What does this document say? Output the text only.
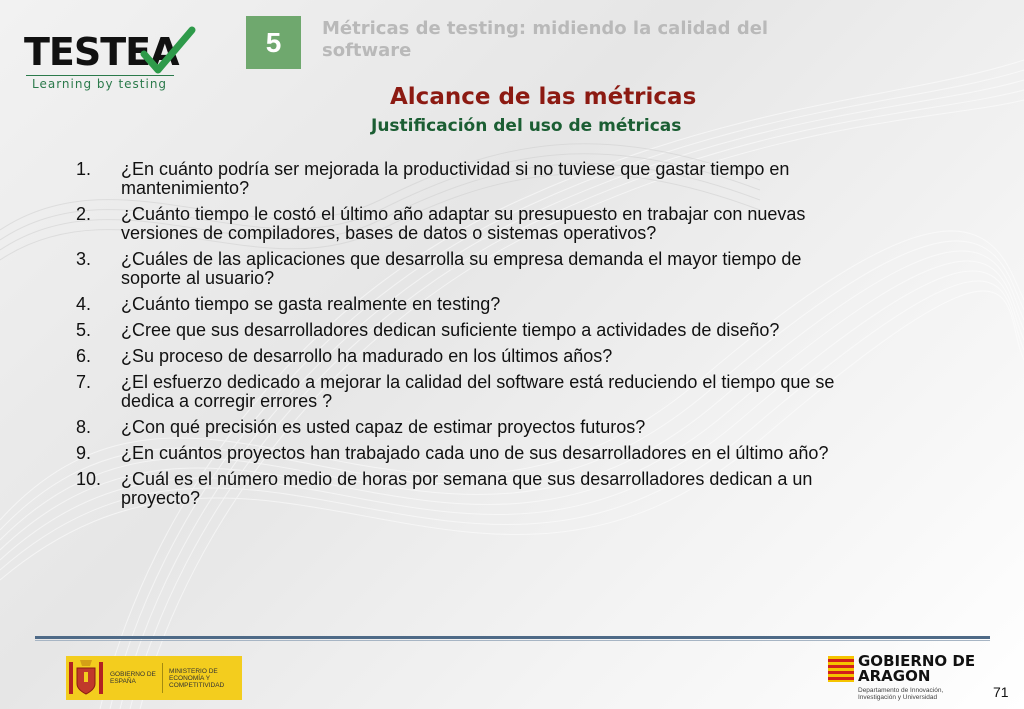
TESTEA
Learning by testing
5	Métricas de testing: midiendo la calidad del software
Alcance de las métricas
Justificación del uso de métricas
1.	¿En cuánto podría ser mejorada la productividad si no tuviese que gastar tiempo en mantenimiento?
2.	¿Cuánto tiempo le costó el último año adaptar su presupuesto en trabajar con nuevas versiones de compiladores, bases de datos o sistemas operativos?
3.	¿Cuáles de las aplicaciones que desarrolla su empresa demanda el mayor tiempo de soporte al usuario?
4.	¿Cuánto tiempo se gasta realmente en testing?
5.	¿Cree que sus desarrolladores dedican suficiente tiempo a actividades de diseño?
6.	¿Su proceso de desarrollo ha madurado en los últimos años?
7.	¿El esfuerzo dedicado a mejorar la calidad del software está reduciendo el tiempo que se dedica a corregir errores ?
8.	¿Con qué precisión es usted capaz de estimar proyectos futuros?
9.	¿En cuántos proyectos han trabajado cada uno de sus desarrolladores en el último año?
10.	¿Cuál es el número medio de horas por semana que sus desarrolladores dedican a un proyecto?
GOBIERNO DE ESPAÑA
MINISTERIO DE ECONOMÍA Y COMPETITIVIDAD
GOBIERNO DE ARAGON
Departamento de Innovación, Investigación y Universidad	71
